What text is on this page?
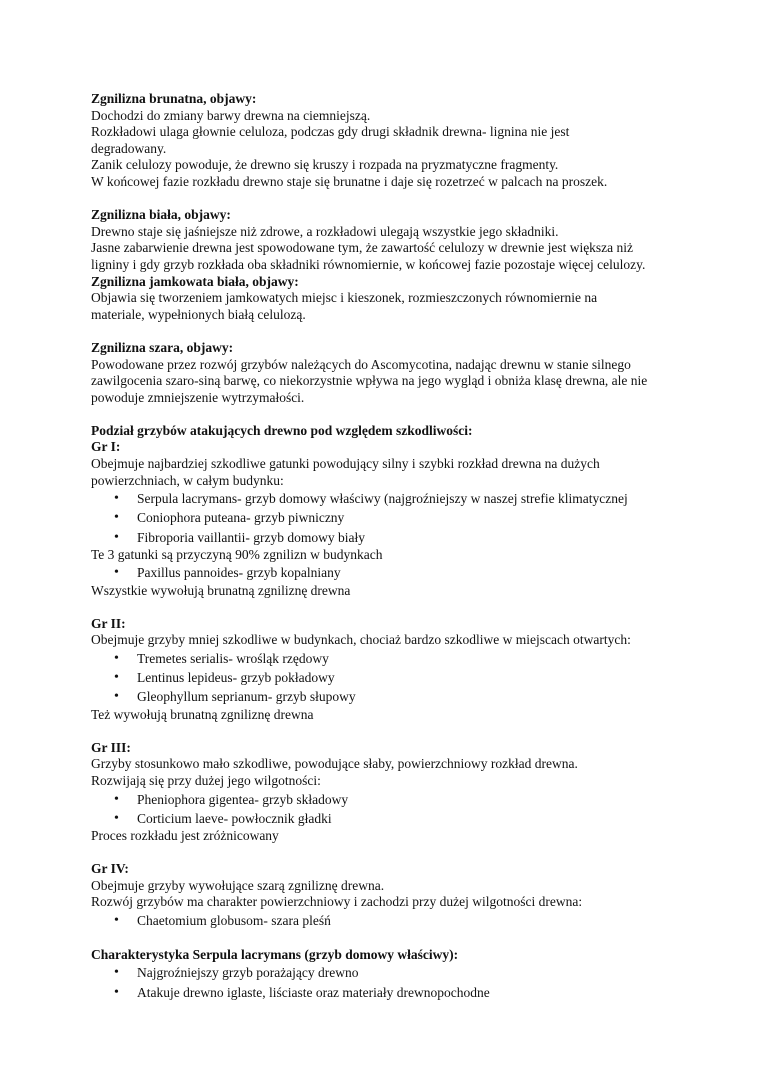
Zgnilizna brunatna, objawy:
Dochodzi do zmiany barwy drewna na ciemniejszą.
Rozkładowi ulaga głownie celuloza, podczas gdy drugi składnik drewna- lignina nie jest
degradowany.
Zanik celulozy powoduje, że drewno się kruszy i rozpada na pryzmatyczne fragmenty.
W końcowej fazie rozkładu drewno staje się brunatne i daje się rozetrzeć w palcach na proszek.
Zgnilizna biała, objawy:
Drewno staje się jaśniejsze niż zdrowe, a rozkładowi ulegają wszystkie jego składniki.
Jasne zabarwienie drewna jest spowodowane tym, że zawartość celulozy w drewnie jest większa niż
ligniny i gdy grzyb rozkłada oba składniki równomiernie, w końcowej fazie pozostaje więcej celulozy.
Zgnilizna jamkowata biała, objawy:
Objawia się tworzeniem jamkowatych miejsc i kieszonek, rozmieszczonych równomiernie na
materiale, wypełnionych białą celulozą.
Zgnilizna szara, objawy:
Powodowane przez rozwój grzybów należących do Ascomycotina, nadając drewnu w stanie silnego
zawilgocenia szaro-siną barwę, co niekorzystnie wpływa na jego wygląd i obniża klasę drewna, ale nie
powoduje zmniejszenie wytrzymałości.
Podział grzybów atakujących drewno pod względem szkodliwości:
Gr I:
Obejmuje najbardziej szkodliwe gatunki powodujący silny i szybki rozkład drewna na dużych
powierzchniach, w całym budynku:
• Serpula lacrymans- grzyb domowy właściwy (najgroźniejszy w naszej strefie klimatycznej
• Coniophora puteana- grzyb piwniczny
• Fibroporia vaillantii- grzyb domowy biały
Te 3 gatunki są przyczyną 90% zgnilizn w budynkach
• Paxillus pannoides- grzyb kopalniany
Wszystkie wywołują brunatną zgniliznę drewna
Gr II:
Obejmuje grzyby mniej szkodliwe w budynkach, chociaż bardzo szkodliwe w miejscach otwartych:
• Tremetes serialis- wrośląk rzędowy
• Lentinus lepideus- grzyb pokładowy
• Gleophyllum seprianum- grzyb słupowy
Też wywołują brunatną zgniliznę drewna
Gr III:
Grzyby stosunkowo mało szkodliwe, powodujące słaby, powierzchniowy rozkład drewna.
Rozwijają się przy dużej jego wilgotności:
• Pheniophora gigentea- grzyb składowy
• Corticium laeve- powłocznik gładki
Proces rozkładu jest zróżnicowany
Gr IV:
Obejmuje grzyby wywołujące szarą zgniliznę drewna.
Rozwój grzybów ma charakter powierzchniowy i zachodzi przy dużej wilgotności drewna:
• Chaetomium globusom- szara pleśń
Charakterystyka Serpula lacrymans (grzyb domowy właściwy):
• Najgroźniejszy grzyb porażający drewno
• Atakuje drewno iglaste, liściaste oraz materiały drewnopochodne
